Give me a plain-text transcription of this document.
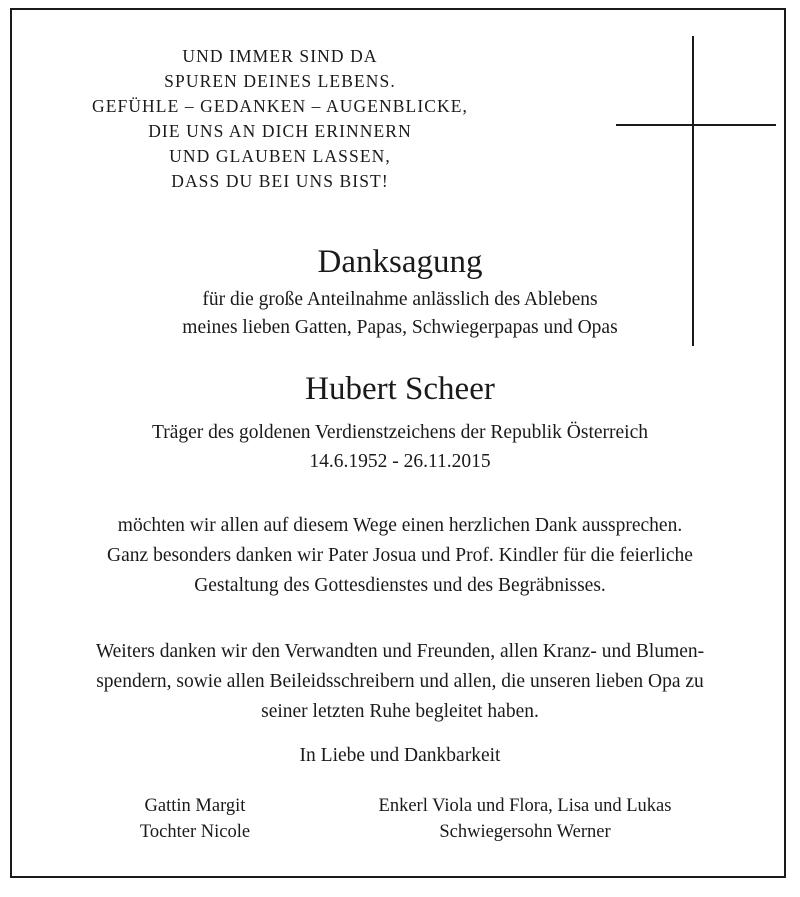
UND IMMER SIND DA
SPUREN DEINES LEBENS.
GEFÜHLE – GEDANKEN – AUGENBLICKE,
DIE UNS AN DICH ERINNERN
UND GLAUBEN LASSEN,
DASS DU BEI UNS BIST!
Danksagung
für die große Anteilnahme anlässlich des Ablebens
meines lieben Gatten, Papas, Schwiegerpapas und Opas
Hubert Scheer
Träger des goldenen Verdienstzeichens der Republik Österreich
14.6.1952 - 26.11.2015
möchten wir allen auf diesem Wege einen herzlichen Dank aussprechen.
Ganz besonders danken wir Pater Josua und Prof. Kindler für die feierliche
Gestaltung des Gottesdienstes und des Begräbnisses.
Weiters danken wir den Verwandten und Freunden, allen Kranz- und Blumen-
spendern, sowie allen Beileidsschreibern und allen, die unseren lieben Opa zu
seiner letzten Ruhe begleitet haben.
In Liebe und Dankbarkeit
Gattin Margit
Tochter Nicole
Enkerl Viola und Flora, Lisa und Lukas
Schwiegersohn Werner
